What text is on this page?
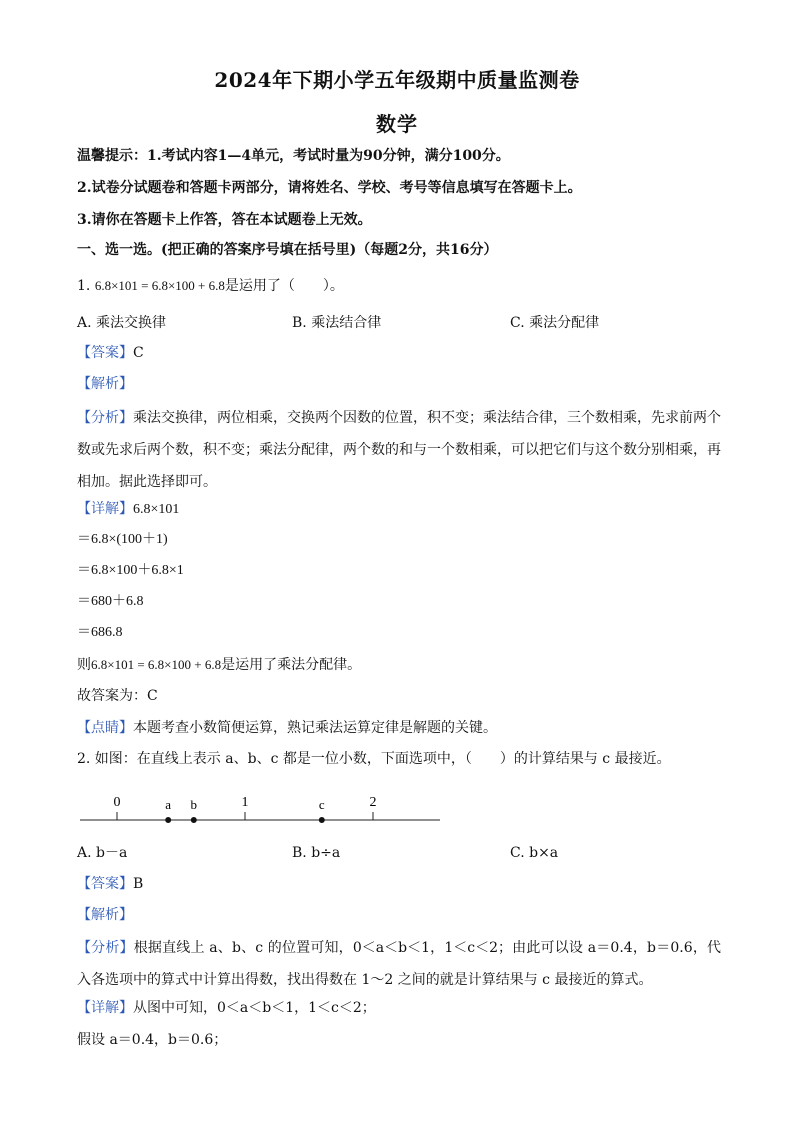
2024年下期小学五年级期中质量监测卷
数学
温馨提示：1.考试内容1—4单元，考试时量为90分钟，满分100分。
2.试卷分试题卷和答题卡两部分，请将姓名、学校、考号等信息填写在答题卡上。
3.请你在答题卡上作答，答在本试题卷上无效。
一、选一选。(把正确的答案序号填在括号里)（每题2分，共16分）
1. 6.8×101 = 6.8×100 + 6.8是运用了（　　）。
A. 乘法交换律	B. 乘法结合律	C. 乘法分配律
【答案】C
【解析】
【分析】乘法交换律，两位相乘，交换两个因数的位置，积不变；乘法结合律，三个数相乘，先求前两个数或先求后两个数，积不变；乘法分配律，两个数的和与一个数相乘，可以把它们与这个数分别相乘，再相加。据此选择即可。
【详解】6.8×101
＝6.8×(100＋1)
＝6.8×100＋6.8×1
＝680＋6.8
＝686.8
则6.8×101 = 6.8×100 + 6.8是运用了乘法分配律。
故答案为：C
【点睛】本题考查小数简便运算，熟记乘法运算定律是解题的关键。
2. 如图：在直线上表示 a、b、c 都是一位小数，下面选项中，（　　）的计算结果与 c 最接近。
0	1	2
a b	c
A. b－a	B. b÷a	C. b×a
【答案】B
【解析】
【分析】根据直线上 a、b、c 的位置可知，0＜a＜b＜1，1＜c＜2；由此可以设 a＝0.4，b＝0.6，代入各选项中的算式中计算出得数，找出得数在 1～2 之间的就是计算结果与 c 最接近的算式。
【详解】从图中可知，0＜a＜b＜1，1＜c＜2；
假设 a＝0.4，b＝0.6；
